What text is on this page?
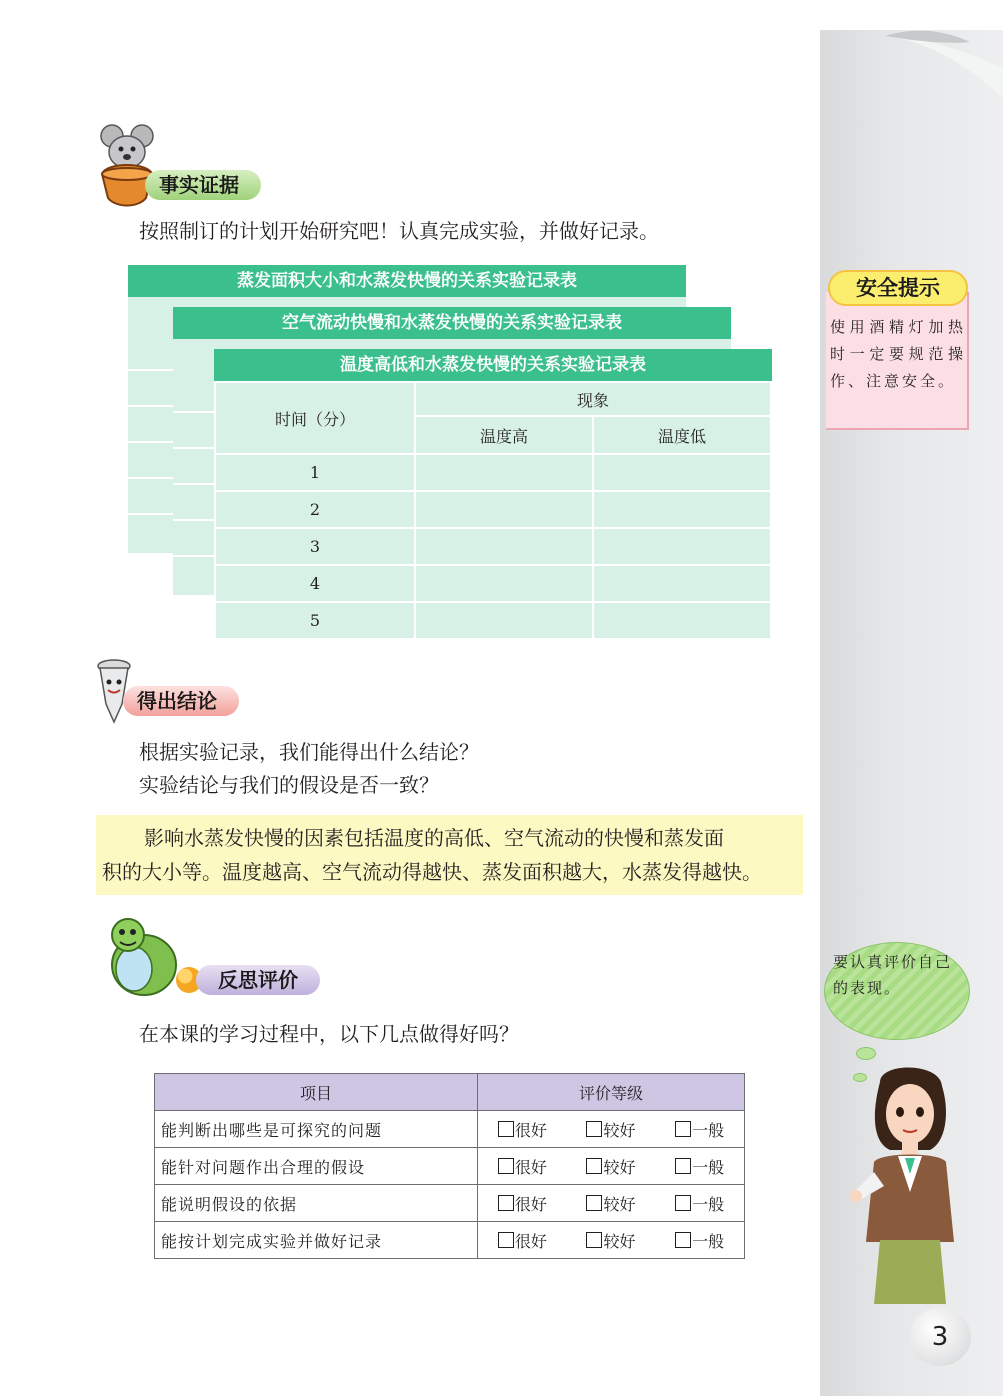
事实证据
按照制订的计划开始研究吧！认真完成实验，并做好记录。
蒸发面积大小和水蒸发快慢的关系实验记录表
空气流动快慢和水蒸发快慢的关系实验记录表
温度高低和水蒸发快慢的关系实验记录表
时间（分）	现象	
	温度高	温度低
1		
2		
3		
4		
5		
得出结论
根据实验记录，我们能得出什么结论？
实验结论与我们的假设是否一致？
影响水蒸发快慢的因素包括温度的高低、空气流动的快慢和蒸发面
积的大小等。温度越高、空气流动得越快、蒸发面积越大，水蒸发得越快。
反思评价
在本课的学习过程中，以下几点做得好吗？
项目	评价等级
能判断出哪些是可探究的问题	很好 较好 一般

能针对问题作出合理的假设	很好 较好 一般

能说明假设的依据	很好 较好 一般

能按计划完成实验并做好记录	很好 较好 一般
安全提示
使用酒精灯加热时一定要规范操作、注意安全。
要认真评价自己的表现。
3
